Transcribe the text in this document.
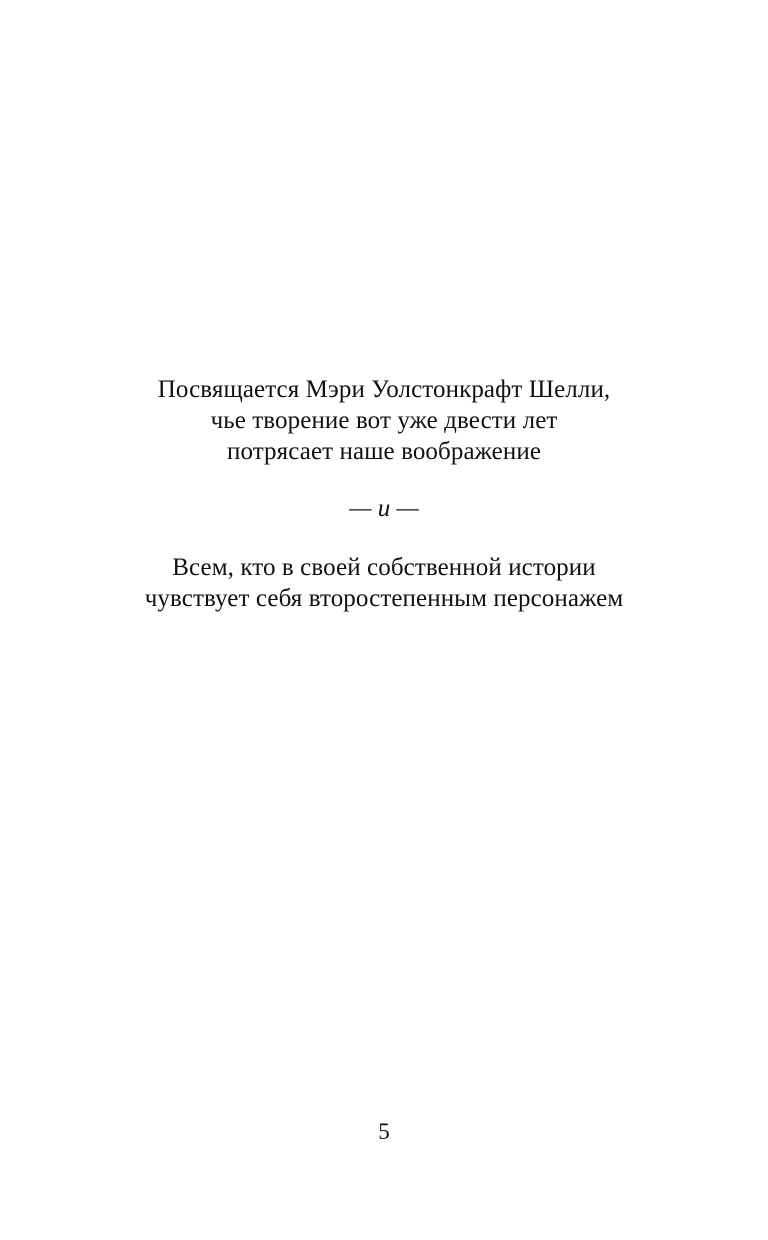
Посвящается Мэри Уолстонкрафт Шелли,
чье творение вот уже двести лет
потрясает наше воображение
— и —
Всем, кто в своей собственной истории
чувствует себя второстепенным персонажем
5
